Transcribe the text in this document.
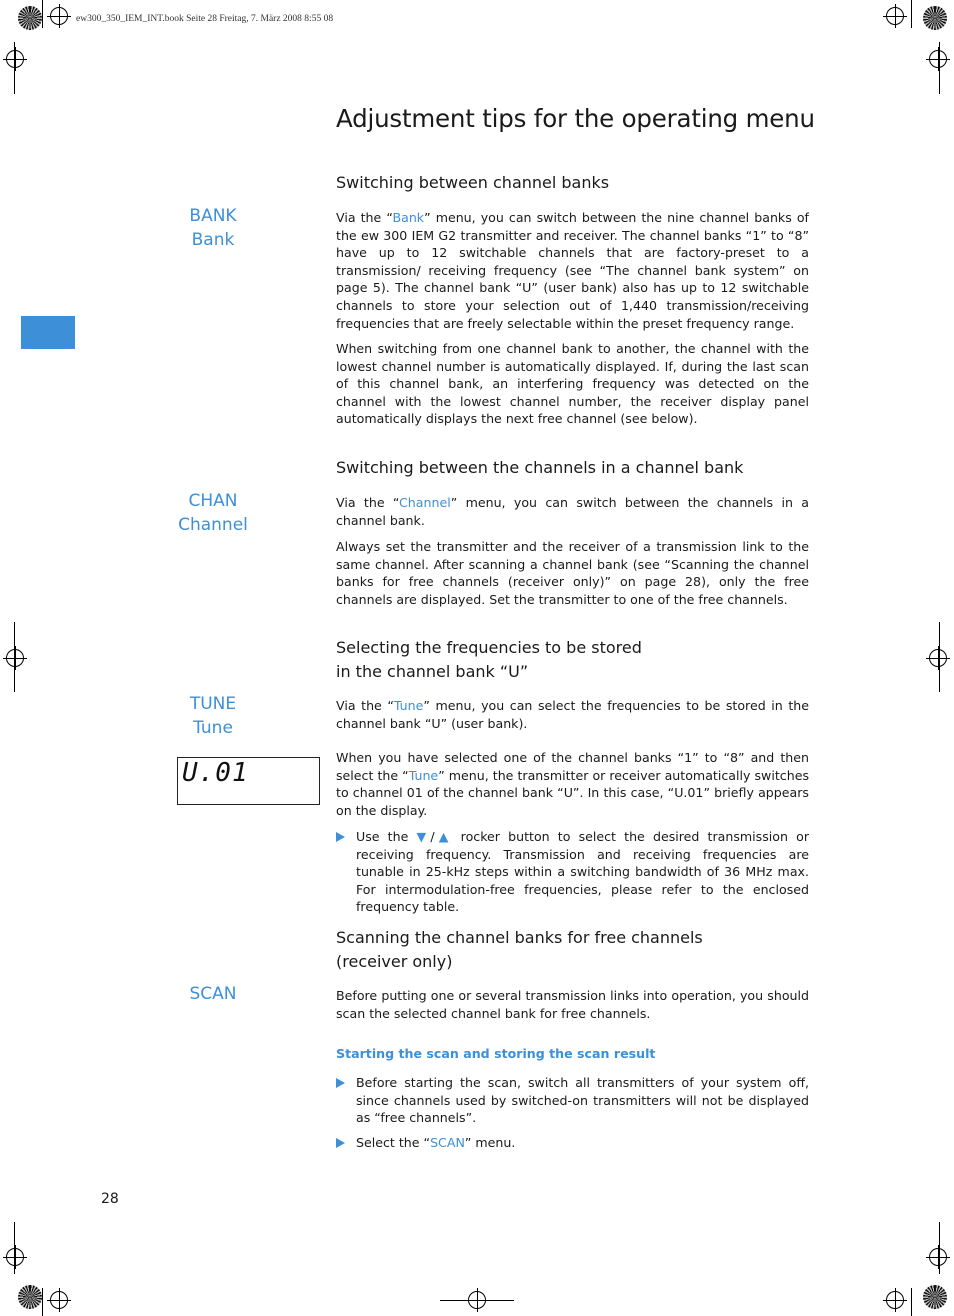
ew300_350_IEM_INT.book Seite 28 Freitag, 7. März 2008 8:55 08
Adjustment tips for the operating menu
Switching between channel banks
BANK
Bank

Via the “Bank” menu, you can switch between the nine channel banks of the ew 300 IEM G2 transmitter and receiver. The channel banks “1” to “8” have up to 12 switchable channels that are factory-preset to a transmission/ receiving frequency (see “The channel bank system” on page 5). The channel bank “U” (user bank) also has up to 12 switchable channels to store your selection out of 1,440 transmission/receiving frequencies that are freely selectable within the preset frequency range.

When switching from one channel bank to another, the channel with the lowest channel number is automatically displayed. If, during the last scan of this channel bank, an interfering frequency was detected on the channel with the lowest channel number, the receiver display panel automatically displays the next free channel (see below).

Switching between the channels in a channel bank
CHAN
Channel

Via the “Channel” menu, you can switch between the channels in a channel bank.

Always set the transmitter and the receiver of a transmission link to the same channel. After scanning a channel bank (see “Scanning the channel banks for free channels (receiver only)” on page 28), only the free channels are displayed. Set the transmitter to one of the free channels.

Selecting the frequencies to be stored
in the channel bank “U”
TUNE
Tune

Via the “Tune” menu, you can select the frequencies to be stored in the channel bank “U” (user bank).

U.01

When you have selected one of the channel banks “1” to “8” and then select the “Tune” menu, the transmitter or receiver automatically switches to channel 01 of the channel bank “U”. In this case, “U.01” briefly appears on the display.

Use the ▼/▲ rocker button to select the desired transmission or receiving frequency. Transmission and receiving frequencies are tunable in 25-kHz steps within a switching bandwidth of 36 MHz max. For intermodulation-free frequencies, please refer to the enclosed frequency table.
Scanning the channel banks for free channels
(receiver only)
SCAN	Before putting one or several transmission links into operation, you should scan the selected channel bank for free channels.

Starting the scan and storing the scan result
Before starting the scan, switch all transmitters of your system off, since channels used by switched-on transmitters will not be displayed as “free channels”.
Select the “SCAN” menu.
28
